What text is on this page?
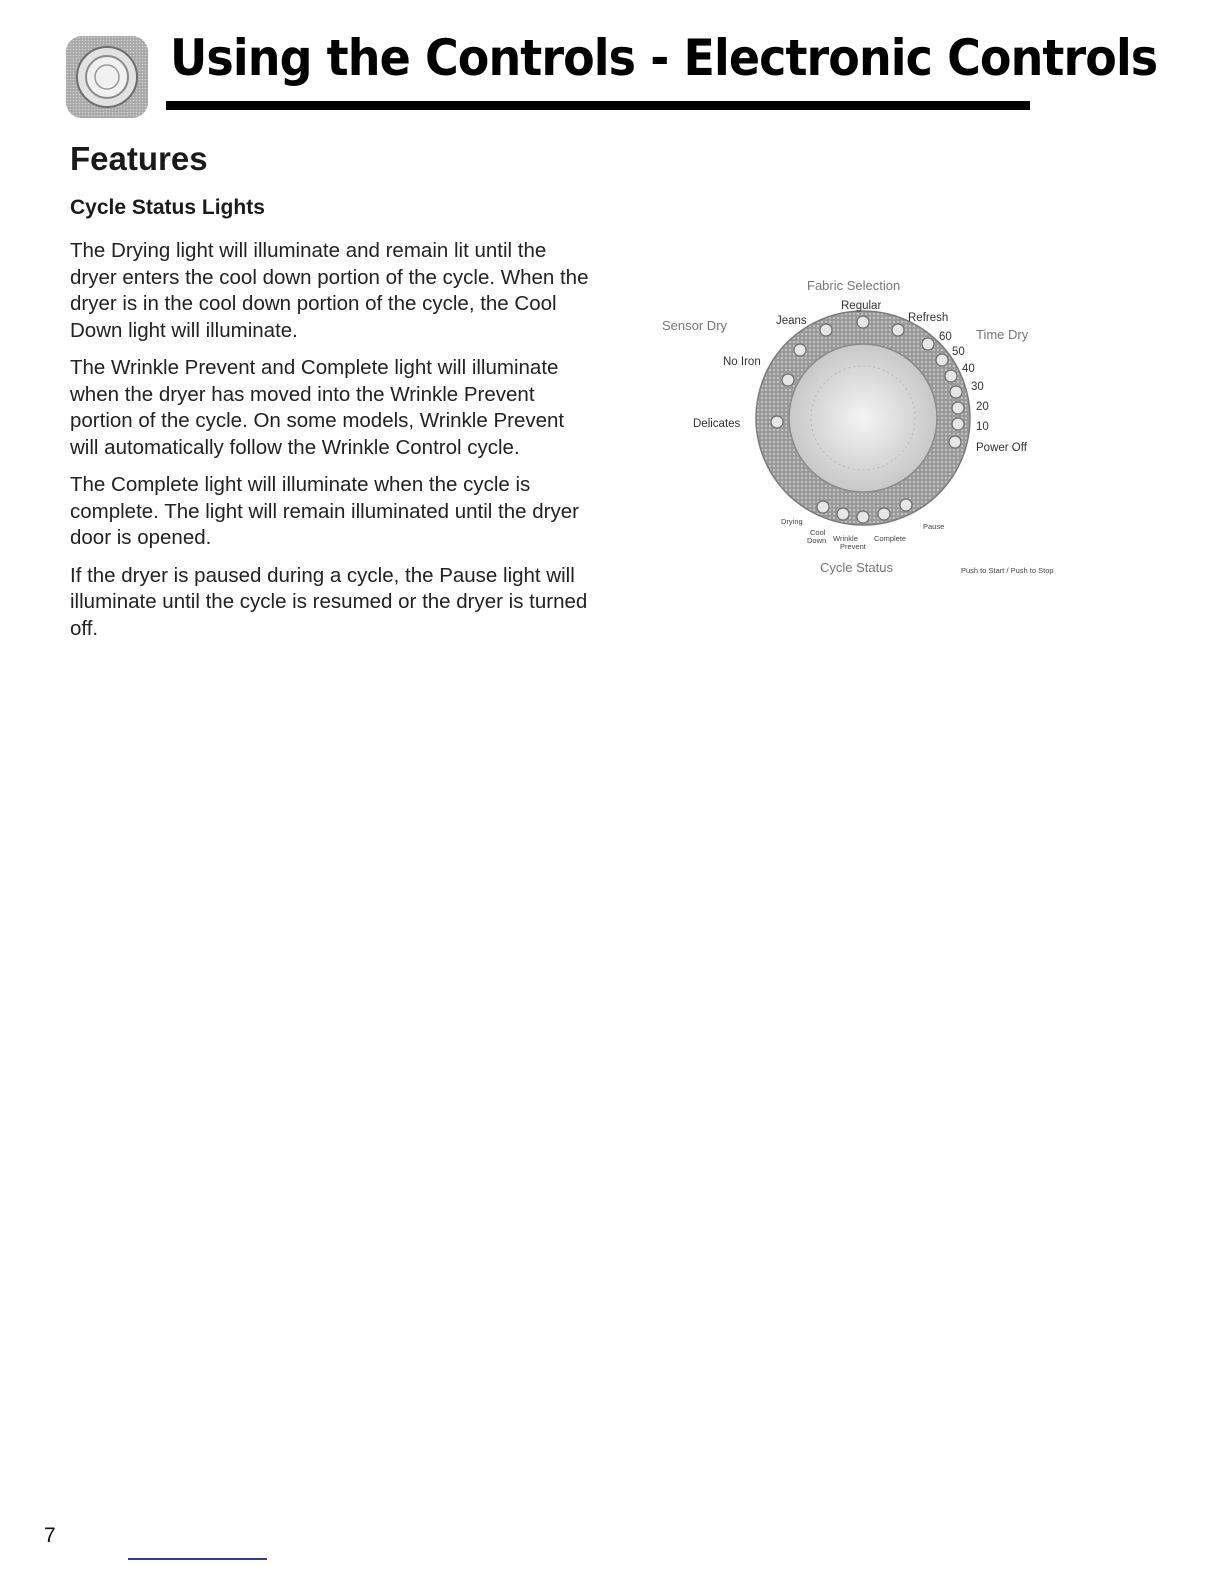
Using the Controls - Electronic Controls
Features
Cycle Status Lights

The Drying light will illuminate and remain lit until the dryer enters the cool down portion of the cycle. When the dryer is in the cool down portion of the cycle, the Cool Down light will illuminate.

The Wrinkle Prevent and Complete light will illuminate when the dryer has moved into the Wrinkle Prevent portion of the cycle. On some models, Wrinkle Prevent will automatically follow the Wrinkle Control cycle.

The Complete light will illuminate when the cycle is complete. The light will remain illuminated until the dryer door is opened.

If the dryer is paused during a cycle, the Pause light will illuminate until the cycle is resumed or the dryer is turned off.

Fabric Selection
Sensor Dry
Time Dry
Cycle Status
Regular
Jeans	Refresh
No Iron
Delicates
60
50
40
30
20
10
Power Off
Drying
Cool
Down Wrinkle
Prevent
Complete
Pause
Push to Start / Push to Stop
7
